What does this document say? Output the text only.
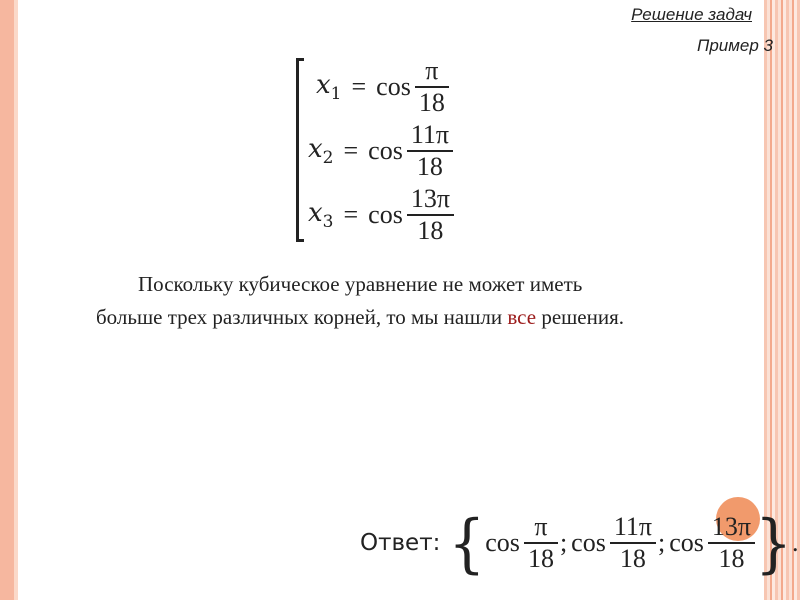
Решение задач
Пример 3
$x_1 = \cos \frac{\pi}{18}$
$x_2 = \cos \frac{11\pi}{18}$
$x_3 = \cos \frac{13\pi}{18}$
Поскольку кубическое уравнение не может иметь
больше трех различных корней, то мы нашли все решения.
Ответ: { $\cos \frac{\pi}{18}$ ; $\cos \frac{11\pi}{18}$ ; $\cos \frac{13\pi}{18}$ } .
